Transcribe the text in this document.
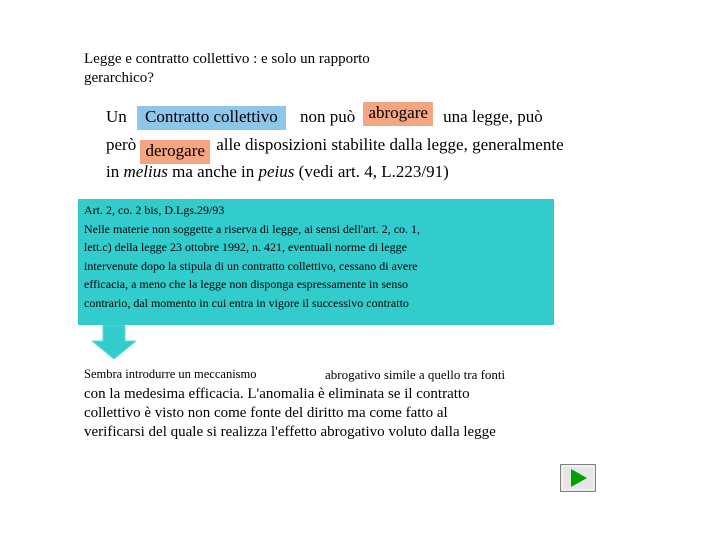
Legge e contratto collettivo : e solo un rapporto
gerarchico?
Un Contratto collettivo non può abrogare una legge, può
però derogare alle disposizioni stabilite dalla legge, generalmente
in melius ma anche in peius (vedi art. 4, L.223/91)
Art. 2, co. 2 bis, D.Lgs.29/93
Nelle materie non soggette a riserva di legge, ai sensi dell'art. 2, co. 1,
lett.c) della legge 23 ottobre 1992, n. 421, eventuali norme di legge
intervenute dopo la stipula di un contratto collettivo, cessano di avere
efficacia, a meno che la legge non disponga espressamente in senso
contrario, dal momento in cui entra in vigore il successivo contratto
Sembra introdurre un meccanismo	abrogativo simile a quello tra fonti
con la medesima efficacia. L'anomalia è eliminata se il contratto
collettivo è visto non come fonte del diritto ma come fatto al
verificarsi del quale si realizza l'effetto abrogativo voluto dalla legge
